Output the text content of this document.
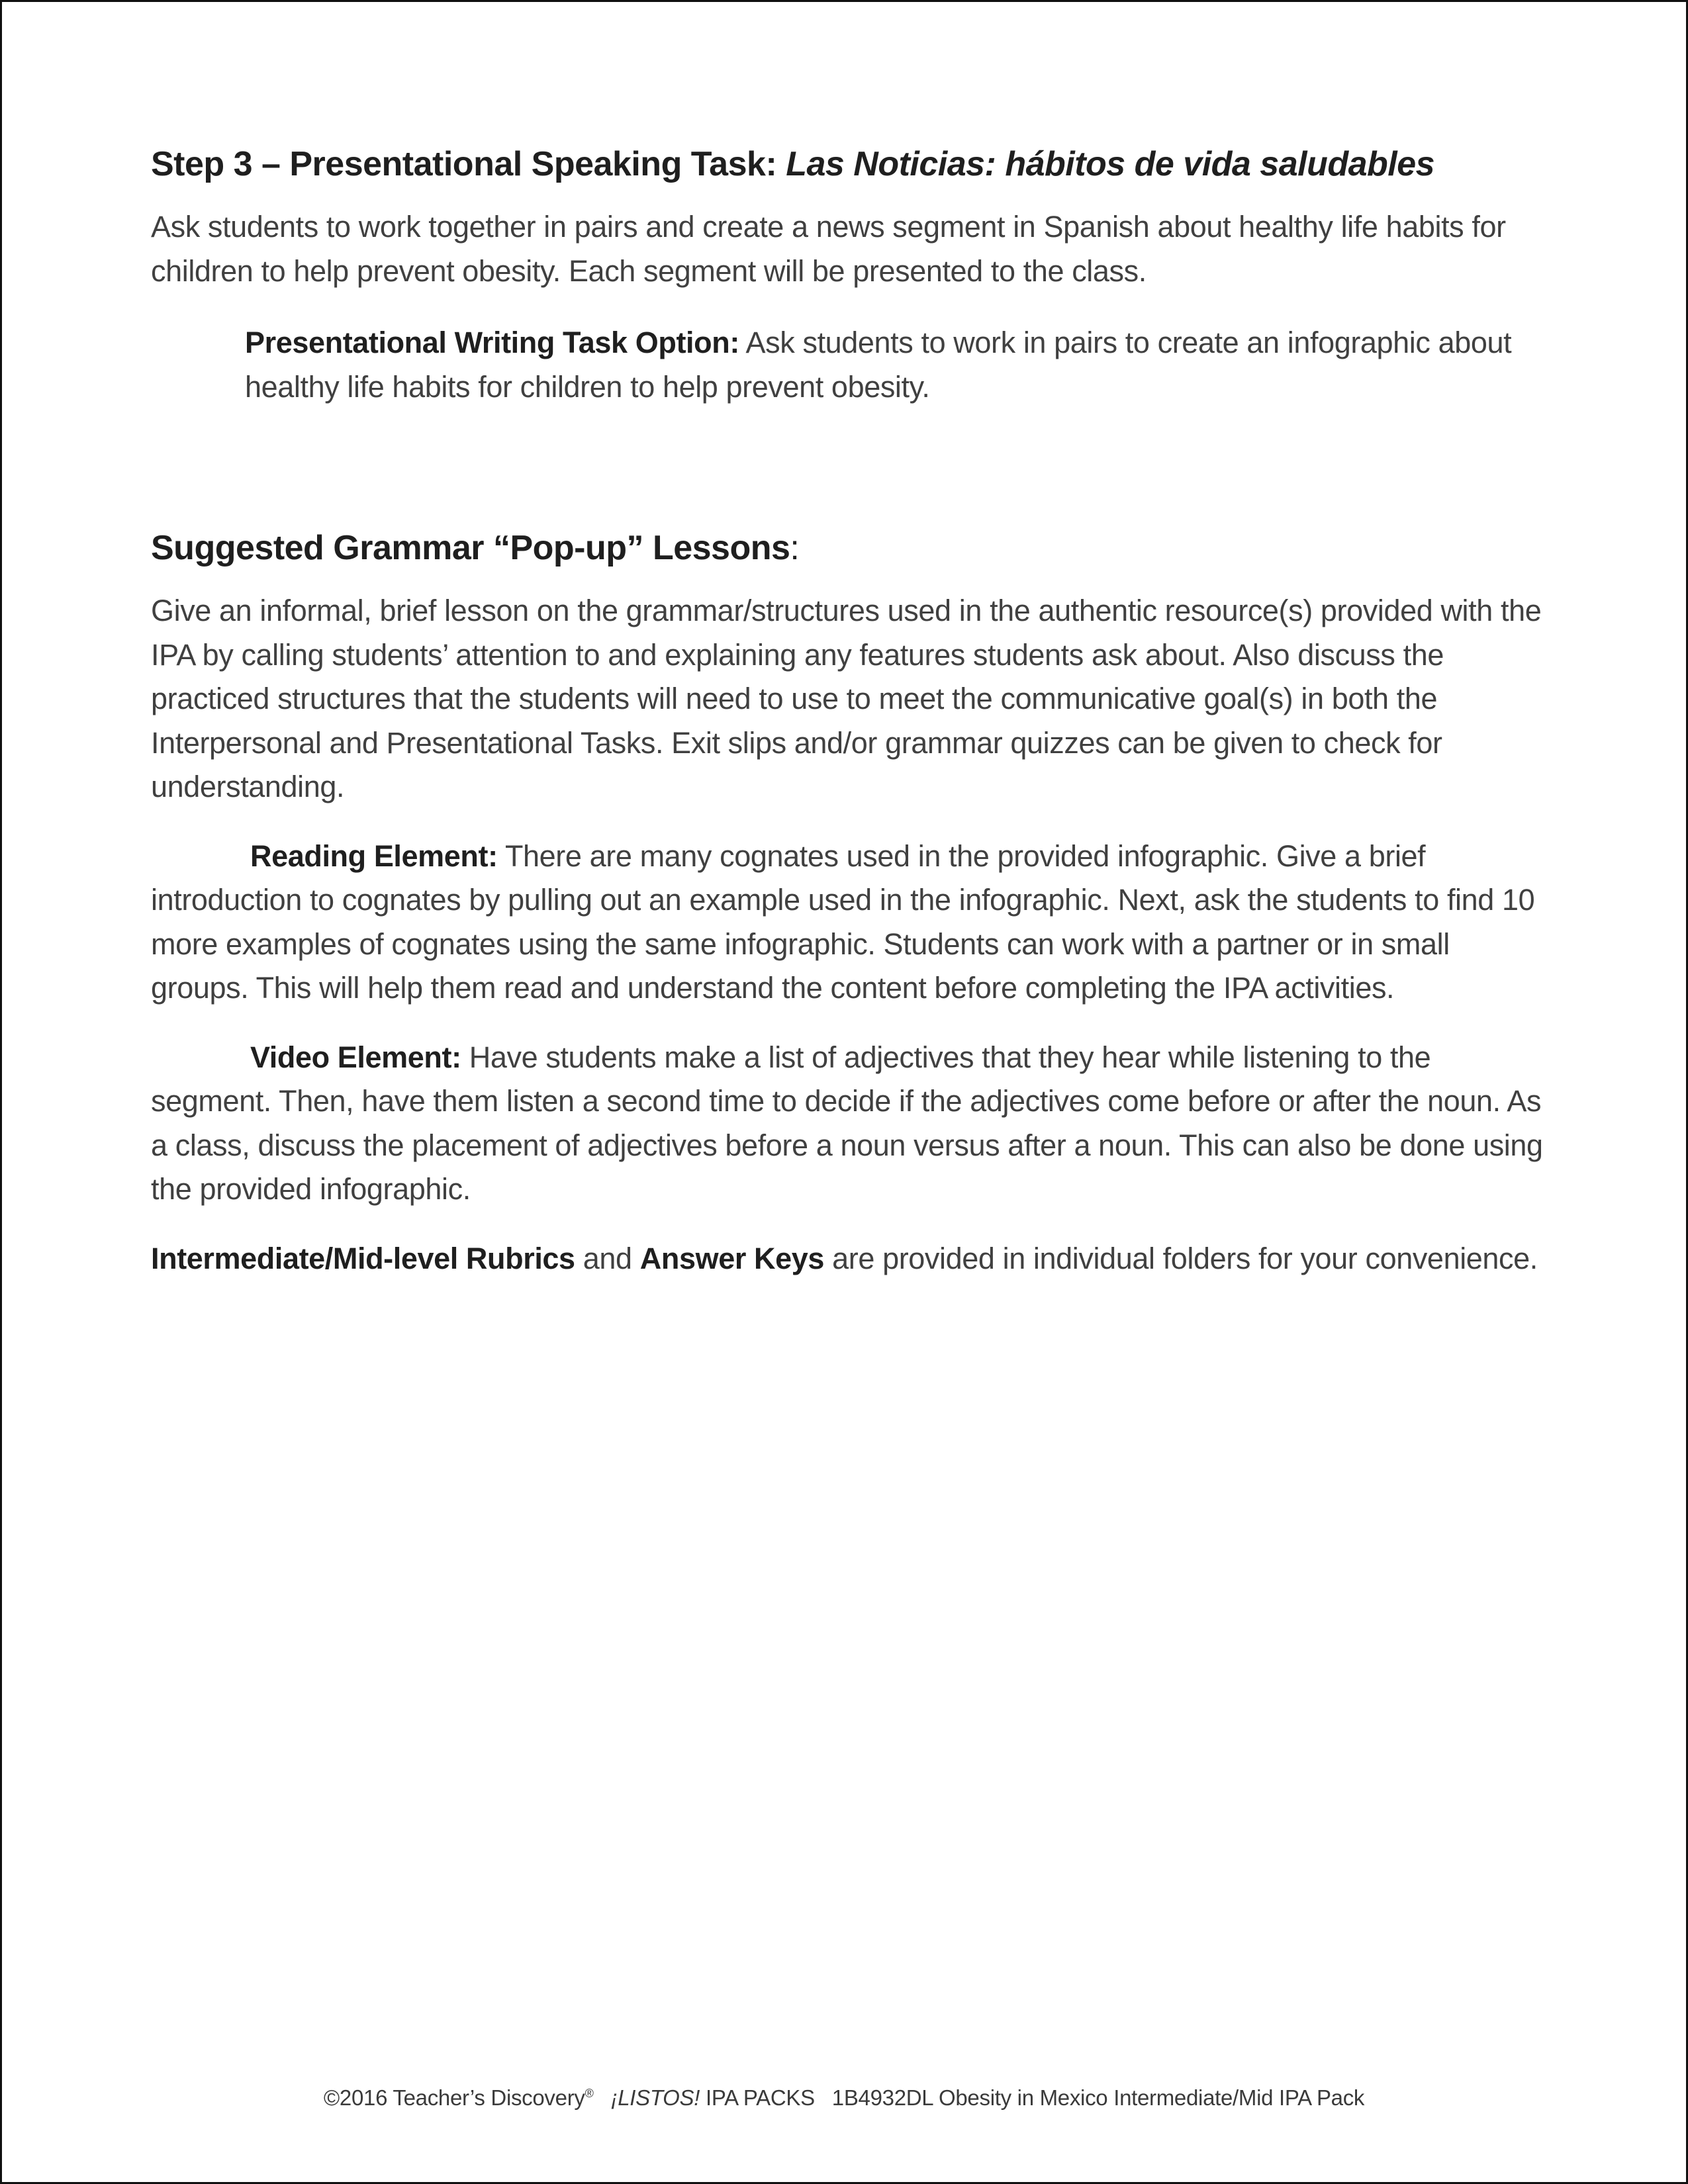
Step 3 – Presentational Speaking Task: Las Noticias: hábitos de vida saludables

Ask students to work together in pairs and create a news segment in Spanish about healthy life habits for children to help prevent obesity. Each segment will be presented to the class.

Presentational Writing Task Option: Ask students to work in pairs to create an infographic about healthy life habits for children to help prevent obesity.

Suggested Grammar “Pop-up” Lessons:

Give an informal, brief lesson on the grammar/structures used in the authentic resource(s) provided with the IPA by calling students’ attention to and explaining any features students ask about. Also discuss the practiced structures that the students will need to use to meet the communicative goal(s) in both the Interpersonal and Presentational Tasks. Exit slips and/or grammar quizzes can be given to check for understanding.

Reading Element: There are many cognates used in the provided infographic. Give a brief introduction to cognates by pulling out an example used in the infographic. Next, ask the students to find 10 more examples of cognates using the same infographic. Students can work with a partner or in small groups. This will help them read and understand the content before completing the IPA activities.

Video Element: Have students make a list of adjectives that they hear while listening to the segment. Then, have them listen a second time to decide if the adjectives come before or after the noun. As a class, discuss the placement of adjectives before a noun versus after a noun. This can also be done using the provided infographic.

Intermediate/Mid-level Rubrics and Answer Keys are provided in individual folders for your convenience.

©2016 Teacher’s Discovery® ¡LISTOS! IPA PACKS 1B4932DL Obesity in Mexico Intermediate/Mid IPA Pack
